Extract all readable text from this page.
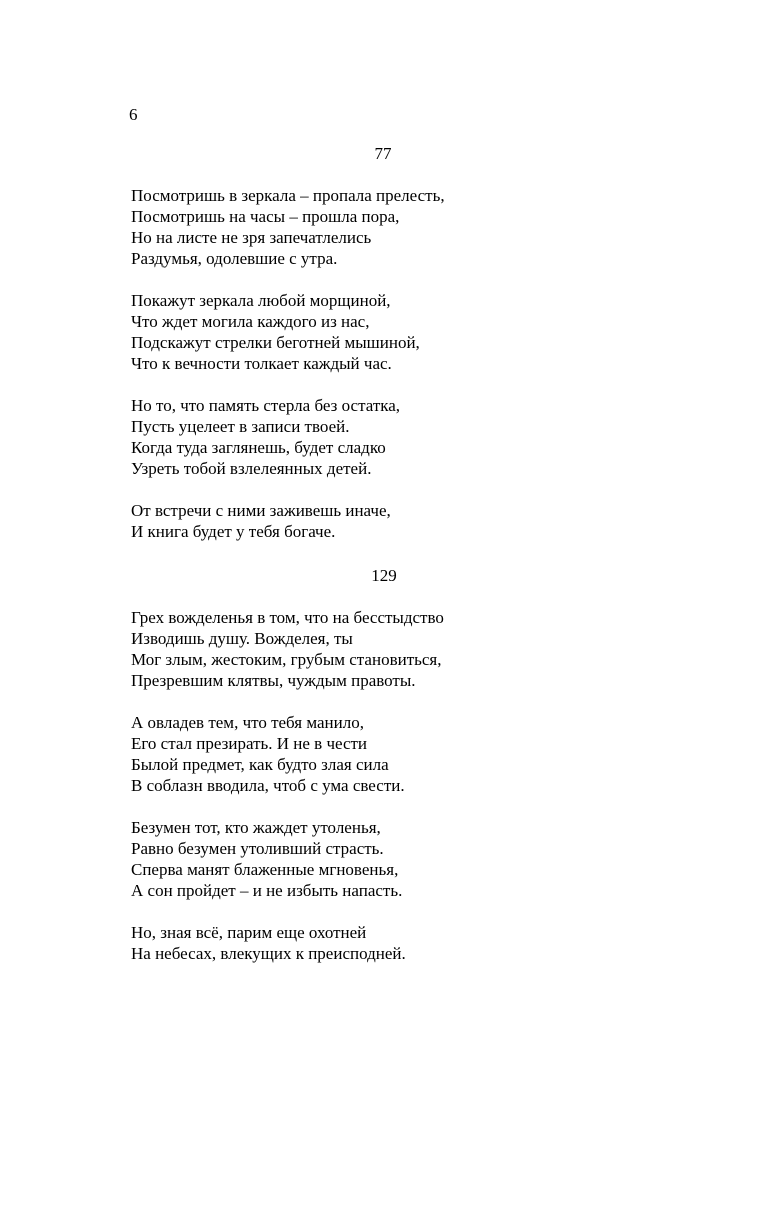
6
77
Посмотришь в зеркала – пропала прелесть,
Посмотришь на часы – прошла пора,
Но на листе не зря запечатлелись
Раздумья, одолевшие с утра.
Покажут зеркала любой морщиной,
Что ждет могила каждого из нас,
Подскажут стрелки беготней мышиной,
Что к вечности толкает каждый час.
Но то, что память стерла без остатка,
Пусть уцелеет в записи твоей.
Когда туда заглянешь, будет сладко
Узреть тобой взлелеянных детей.
От встречи с ними заживешь иначе,
И книга будет у тебя богаче.
129
Грех вожделенья в том, что на бесстыдство
Изводишь душу. Вожделея, ты
Мог злым, жестоким, грубым становиться,
Презревшим клятвы, чуждым правоты.
А овладев тем, что тебя манило,
Его стал презирать. И не в чести
Былой предмет, как будто злая сила
В соблазн вводила, чтоб с ума свести.
Безумен тот, кто жаждет утоленья,
Равно безумен утоливший страсть.
Сперва манят блаженные мгновенья,
А сон пройдет – и не избыть напасть.
Но, зная всё, парим еще охотней
На небесах, влекущих к преисподней.
